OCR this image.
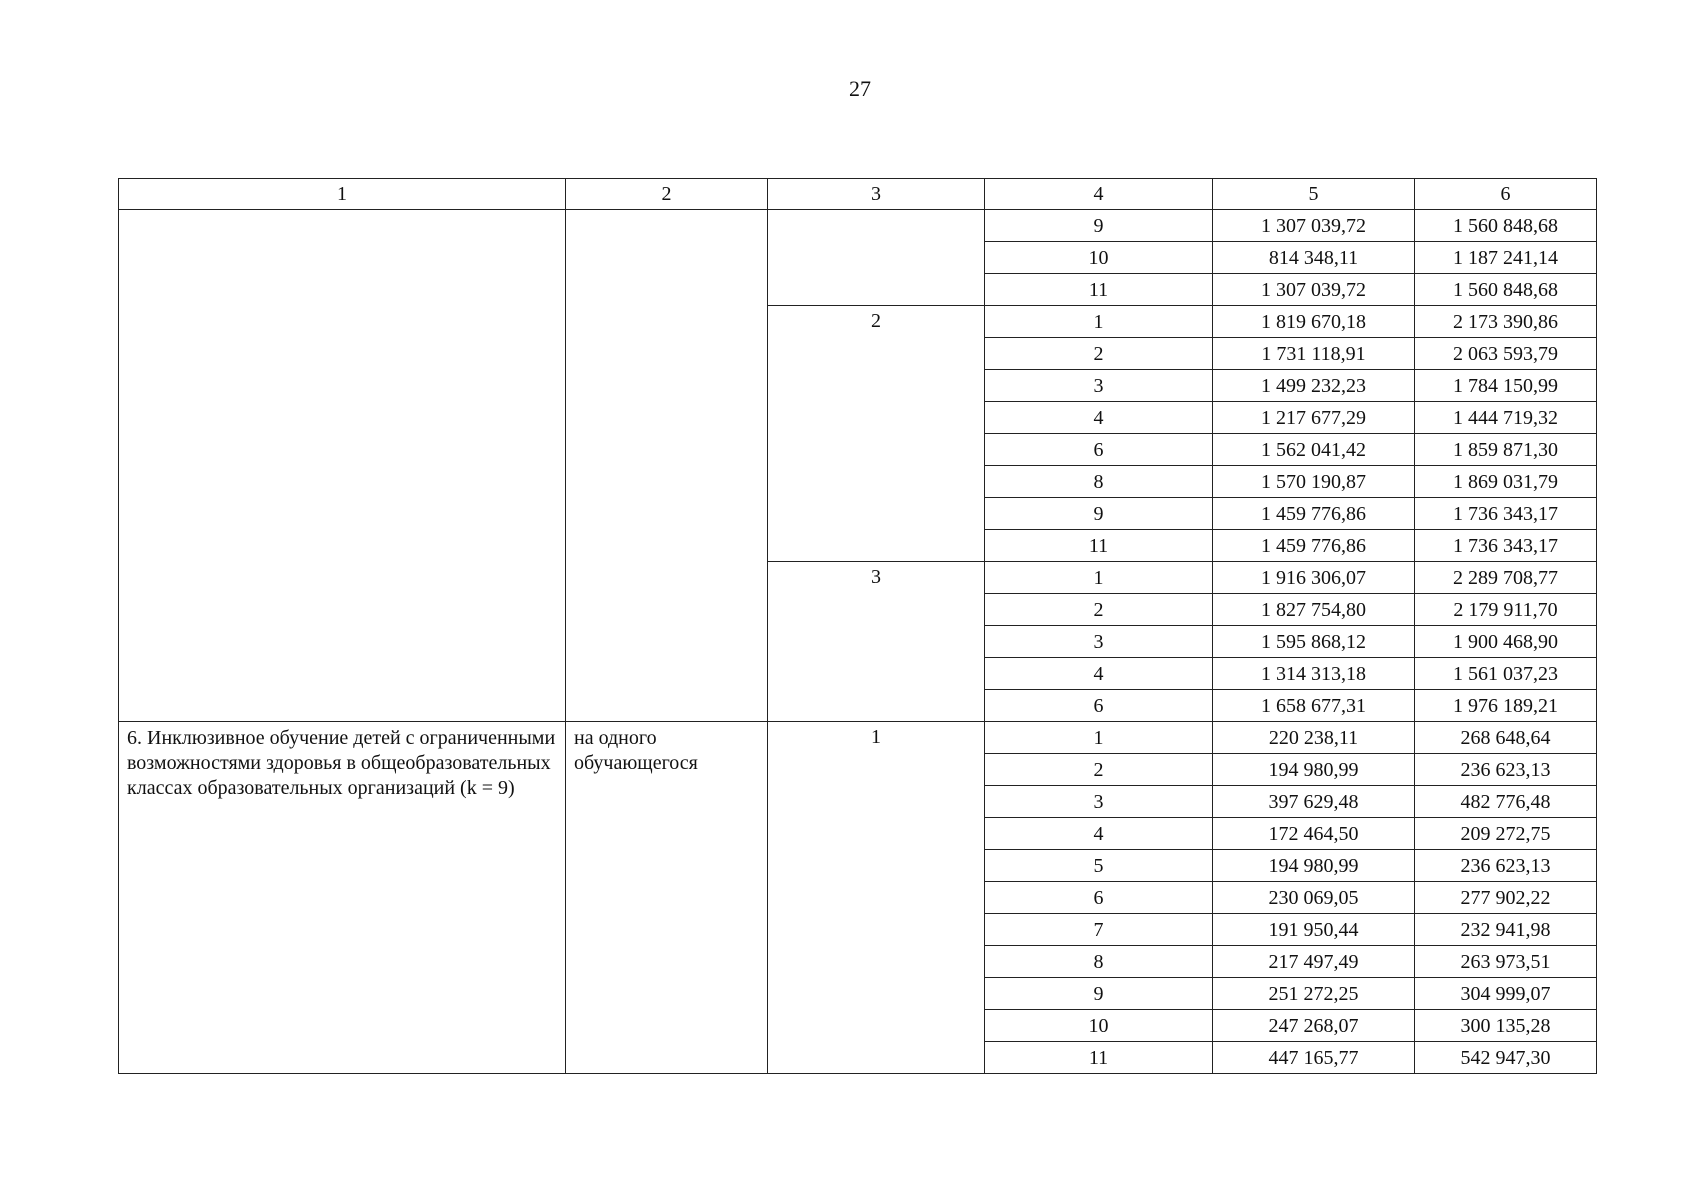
27
1	2	3	4	5	6
			9	1 307 039,72	1 560 848,68
			10	814 348,11	1 187 241,14
			11	1 307 039,72	1 560 848,68
		2	1	1 819 670,18	2 173 390,86
			2	1 731 118,91	2 063 593,79
			3	1 499 232,23	1 784 150,99
			4	1 217 677,29	1 444 719,32
			6	1 562 041,42	1 859 871,30
			8	1 570 190,87	1 869 031,79
			9	1 459 776,86	1 736 343,17
			11	1 459 776,86	1 736 343,17
		3	1	1 916 306,07	2 289 708,77
			2	1 827 754,80	2 179 911,70
			3	1 595 868,12	1 900 468,90
			4	1 314 313,18	1 561 037,23
			6	1 658 677,31	1 976 189,21
6. Инклюзивное обучение детей с ограниченными возможностями здоровья в общеобразовательных классах образовательных организаций (k = 9)	на одного обучающегося	1	1	220 238,11	268 648,64
			2	194 980,99	236 623,13
			3	397 629,48	482 776,48
			4	172 464,50	209 272,75
			5	194 980,99	236 623,13
			6	230 069,05	277 902,22
			7	191 950,44	232 941,98
			8	217 497,49	263 973,51
			9	251 272,25	304 999,07
			10	247 268,07	300 135,28
			11	447 165,77	542 947,30
